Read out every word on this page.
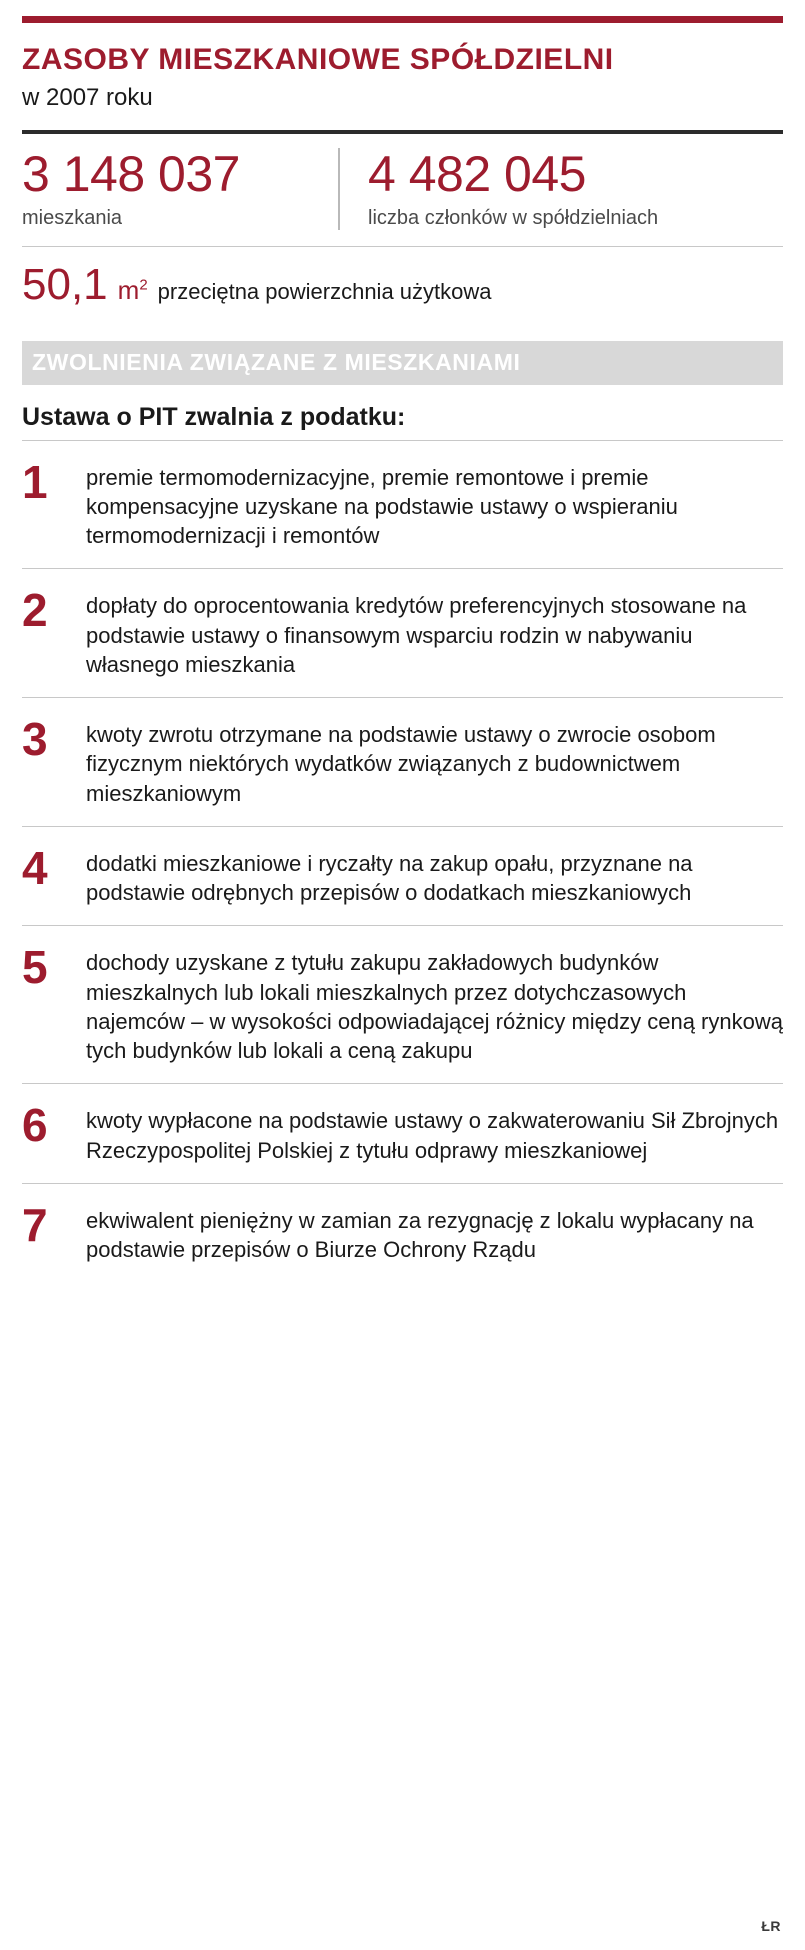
ZASOBY MIESZKANIOWE SPÓŁDZIELNI
w 2007 roku
3 148 037
mieszkania
4 482 045
liczba członków w spółdzielniach
50,1 $m^2$ przeciętna powierzchnia użytkowa
ZWOLNIENIA ZWIĄZANE Z MIESZKANIAMI
Ustawa o PIT zwalnia z podatku:
1	premie termomodernizacyjne, premie remontowe i premie kompensacyjne uzyskane na podstawie ustawy o wspieraniu termomodernizacji i remontów
2	dopłaty do oprocentowania kredytów preferencyjnych stosowane na podstawie ustawy o finansowym wsparciu rodzin w nabywaniu własnego mieszkania
3	kwoty zwrotu otrzymane na podstawie ustawy o zwrocie osobom fizycznym niektórych wydatków związanych z budownictwem mieszkaniowym
4	dodatki mieszkaniowe i ryczałty na zakup opału, przyznane na podstawie odrębnych przepisów o dodatkach mieszkaniowych
5	dochody uzyskane z tytułu zakupu zakładowych budynków mieszkalnych lub lokali mieszkalnych przez dotychczasowych najemców – w wysokości odpowiadającej różnicy między ceną rynkową tych budynków lub lokali a ceną zakupu
6	kwoty wypłacone na podstawie ustawy o zakwaterowaniu Sił Zbrojnych Rzeczypospolitej Polskiej z tytułu odprawy mieszkaniowej
7	ekwiwalent pieniężny w zamian za rezygnację z lokalu wypłacany na podstawie przepisów o Biurze Ochrony Rządu
ŁR
